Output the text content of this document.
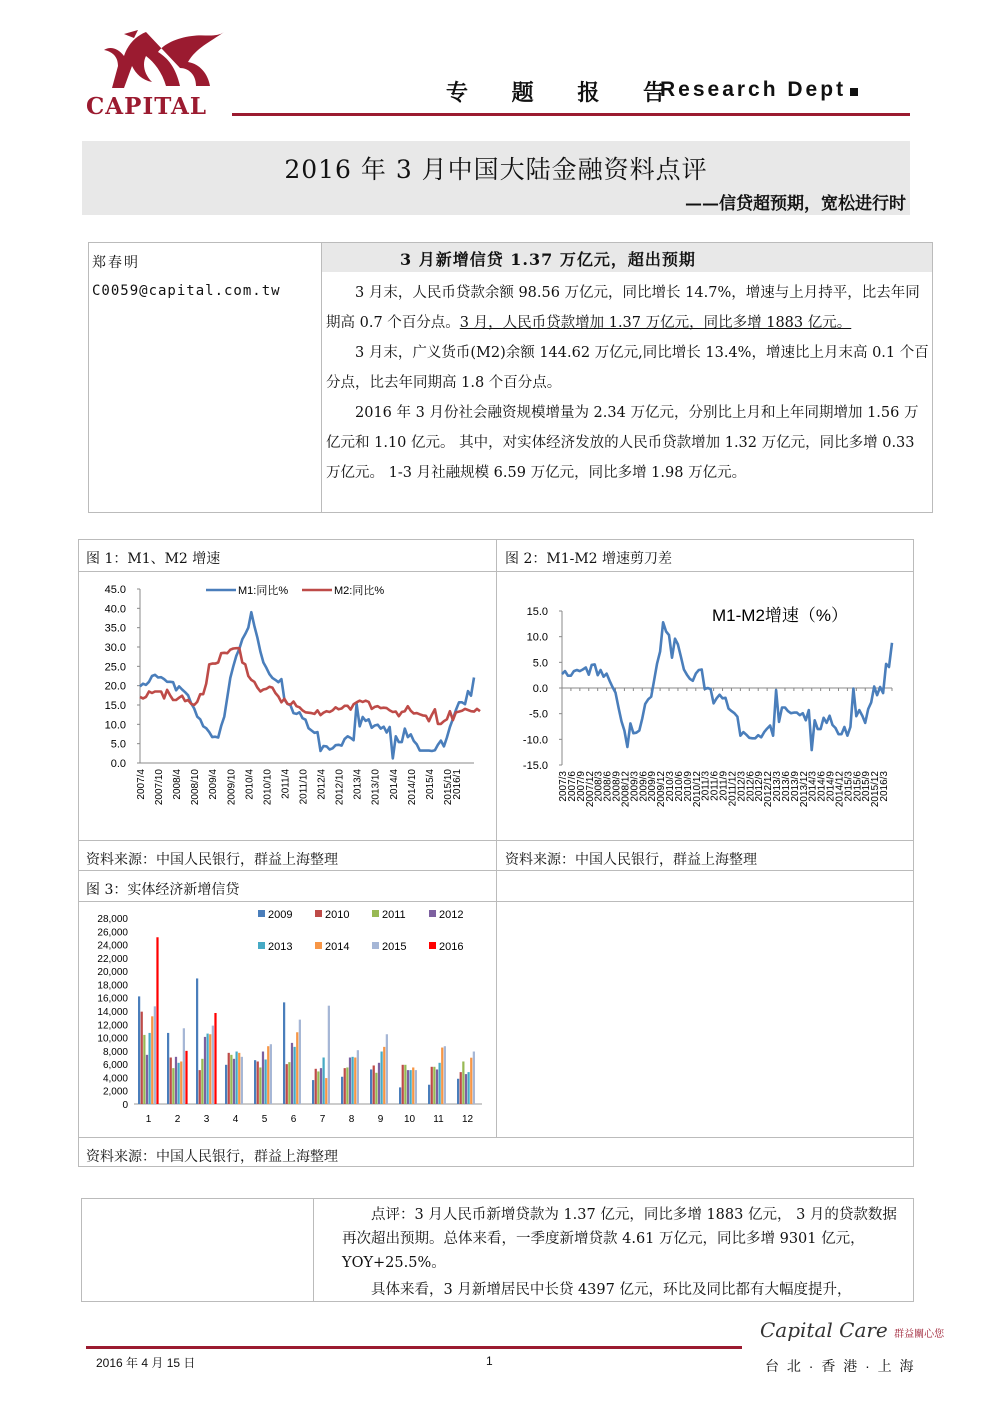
CAPITAL	专 题 报 告
Research Dept
2016 年 3 月中国大陆金融资料点评
——信贷超预期，宽松进行时
3 月新增信贷 1.37 万亿元，超出预期
郑春明
C0059@capital.com.tw	3 月末，人民币贷款余额 98.56 万亿元，同比增长 14.7%，增速与上月持平，比去年同期高 0.7 个百分点。3 月，人民币贷款增加 1.37 万亿元，同比多增 1883 亿元。

3 月末，广义货币(M2)余额 144.62 万亿元,同比增长 13.4%，增速比上月末高 0.1 个百分点，比去年同期高 1.8 个百分点。

2016 年 3 月份社会融资规模增量为 2.34 万亿元，分别比上月和上年同期增加 1.56 万亿元和 1.10 亿元。 其中，对实体经济发放的人民币贷款增加 1.32 万亿元，同比多增 0.33 万亿元。 1-3 月社融规模 6.59 万亿元，同比多增 1.98 万亿元。

图 1：M1、M2 增速	图 2：M1-M2 增速剪刀差
资料来源：中国人民银行，群益上海整理	资料来源：中国人民银行，群益上海整理
图 3：实体经济新增信贷
资料来源：中国人民银行，群益上海整理
0.0
5.0
10.0
15.0
20.0
25.0
30.0
35.0
40.0
45.0
2007/4 2007/10 2008/4 2008/10 2009/4 2009/10 2010/4 2010/10 2011/4 2011/10 2012/4 2012/10 2013/4 2013/10 2014/4 2014/10 2015/4 2015/10
2016/1
M1:同比%	M2:同比%
-15.0
-10.0
-5.0
0.0
5.0
10.0
15.0
2007/3
2007/6
2007/9
2007/12
2008/3
2008/6
2008/9
2008/12
2009/3
2009/6
2009/9
2009/12
2010/3
2010/6
2010/9
2010/12
2011/3
2011/6
2011/9
2011/12
2012/3
2012/6
2012/9
2012/12
2013/3
2013/6
2013/9
2013/12
2014/3
2014/6
2014/9
2014/12
2015/3
2015/6
2015/9
2015/12
2016/3
M1-M2增速（%）
0
2,000
4,000
6,000
8,000
10,000
12,000
14,000
16,000
18,000
20,000
22,000
24,000
26,000
28,000
1 2 3 4 5 6 7 8 9 10 11 12
2009	2010	2011	2012
2013	2014	2015	2016

点评：3 月人民币新增贷款为 1.37 亿元，同比多增 1883 亿元， 3 月的贷款数据再次超出预期。总体来看，一季度新增贷款 4.61 万亿元，同比多增 9301 亿元，YOY+25.5%。

具体来看，3 月新增居民中长贷 4397 亿元，环比及同比都有大幅度提升，

2016 年 4 月 15 日	1
Capital Care 群益關心您
台 北 · 香 港 · 上 海
